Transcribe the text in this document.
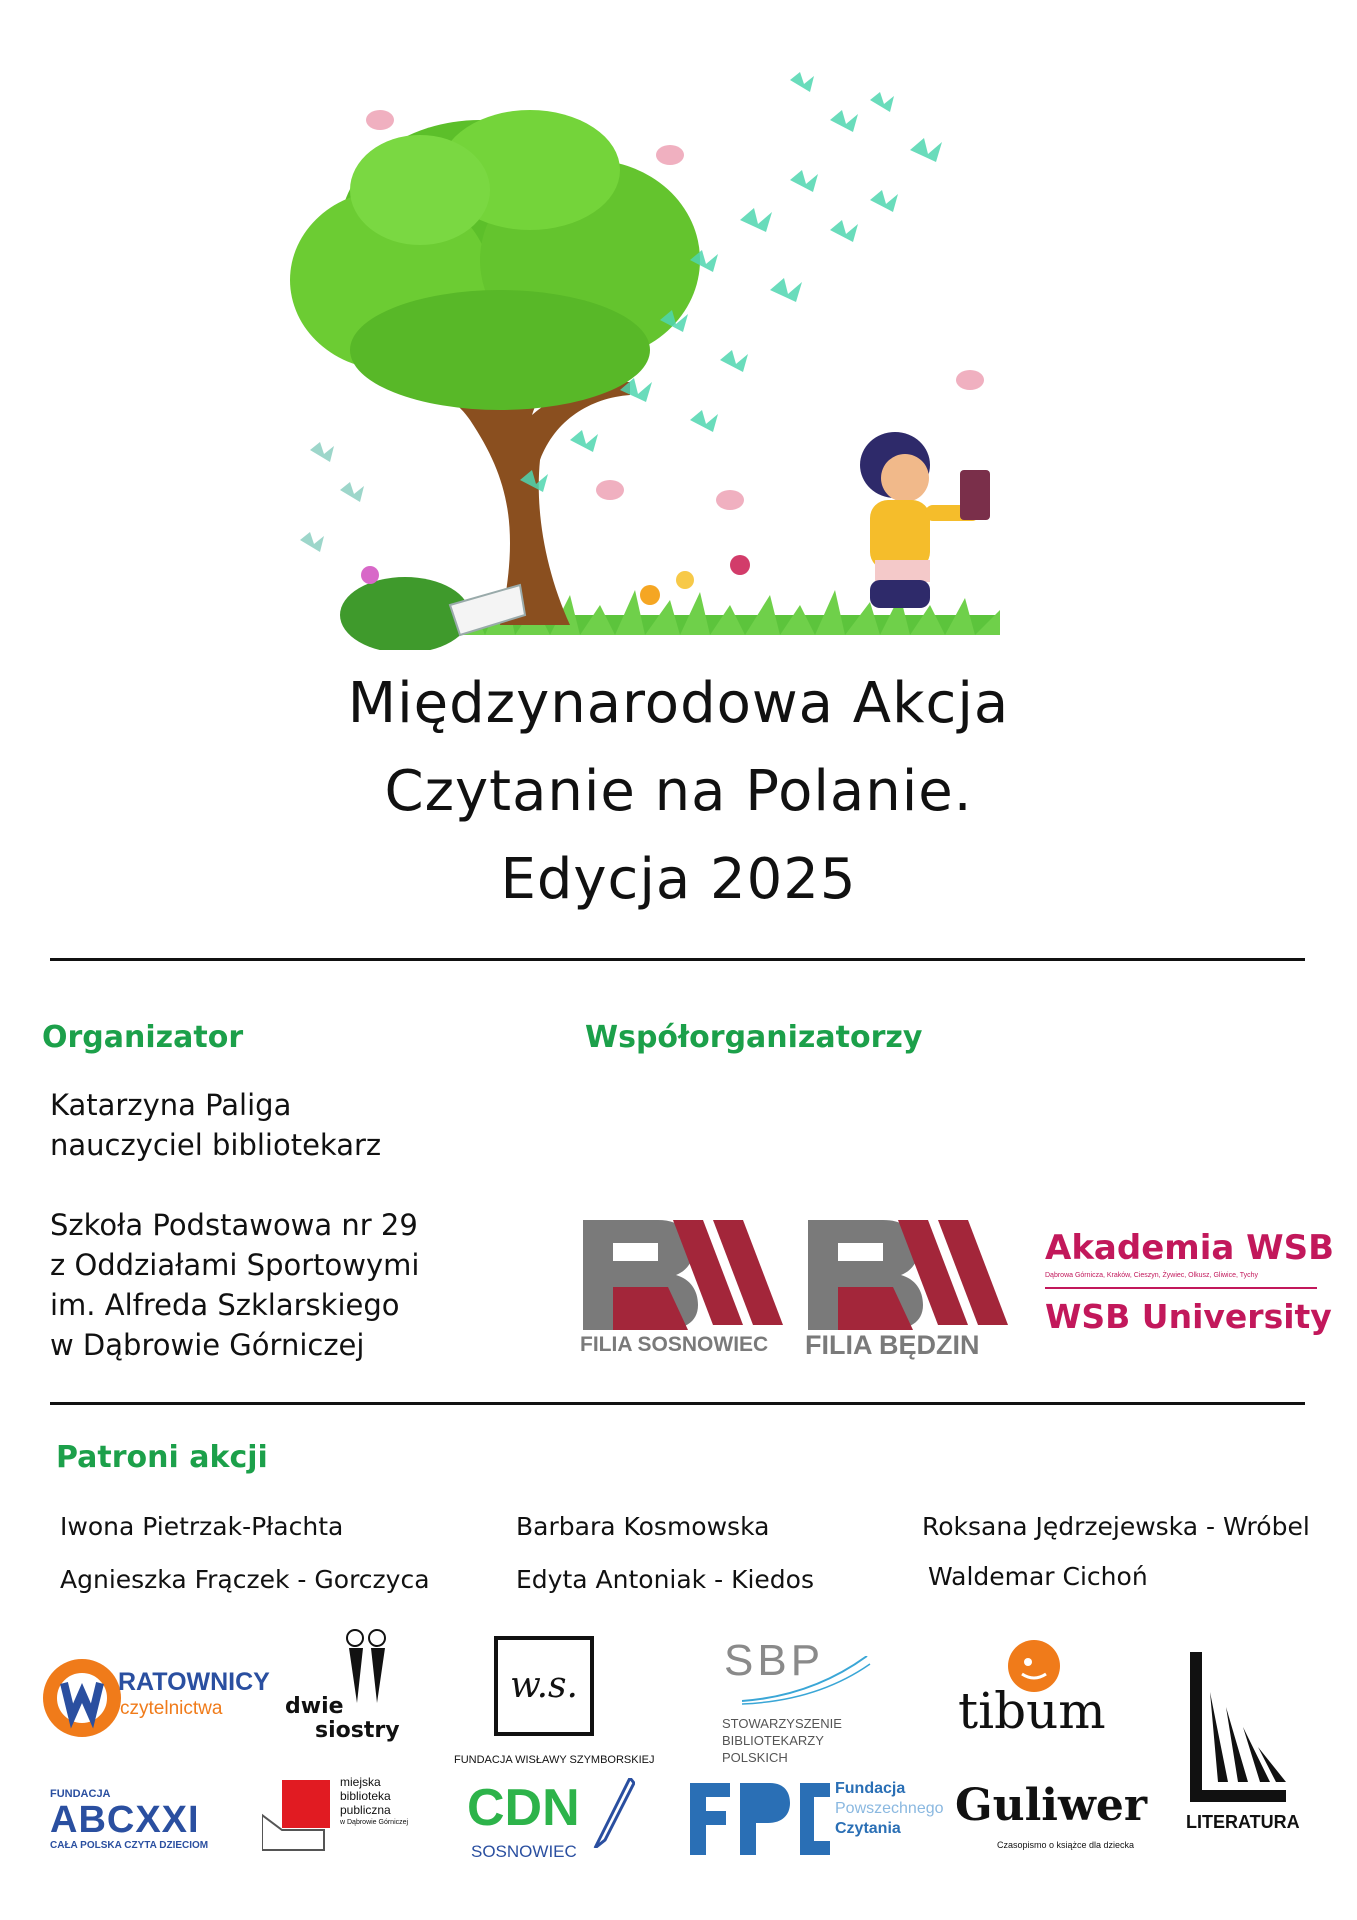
Międzynarodowa Akcja
Czytanie na Polanie.
Edycja 2025
Organizator
Katarzyna Paliga
nauczyciel bibliotekarz
Szkoła Podstawowa nr 29
z Oddziałami Sportowymi
im. Alfreda Szklarskiego
w Dąbrowie Górniczej
Współorganizatorzy
FILIA SOSNOWIEC FILIA BĘDZIN
Akademia WSB
Dąbrowa Górnicza, Kraków, Cieszyn, Żywiec, Olkusz, Gliwice, Tychy
WSB University
Patroni akcji
Iwona Pietrzak-Płachta	Barbara Kosmowska	Roksana Jędrzejewska - Wróbel
Agnieszka Frączek - Gorczyca	Edyta Antoniak - Kiedos	Waldemar Cichoń
RATOWNICY
czytelnictwa	dwie
siostry
w.s.
FUNDACJA WISŁAWY SZYMBORSKIEJ
SBP
STOWARZYSZENIE
BIBLIOTEKARZY
POLSKICH
tibum
LITERATURA
FUNDACJA
ABCXXI
CAŁA POLSKA CZYTA DZIECIOM
miejska
biblioteka
publiczna
w Dąbrowie Górniczej CDN
SOSNOWIEC
Fundacja
Powszechnego
Czytania Guliwer
Czasopismo o książce dla dziecka
